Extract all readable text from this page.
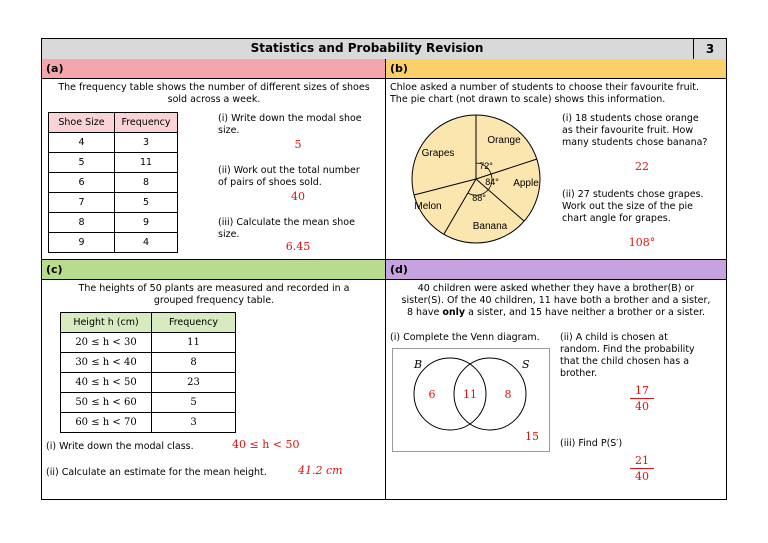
Statistics and Probability Revision	3
(a)
The frequency table shows the number of different sizes of shoes
sold across a week.
Shoe Size	Frequency
4	3
5	11
6	8
7	5
8	9
9	4
(i) Write down the modal shoe
size.
5
(ii) Work out the total number
of pairs of shoes sold.
40
(iii) Calculate the mean shoe
size.
6.45
(b)
Chloe asked a number of students to choose their favourite fruit.
The pie chart (not drawn to scale) shows this information.
Grapes
Orange
Apple
Melon
Banana
72°
84°
88°
(i) 18 students chose orange
as their favourite fruit. How
many students chose banana?
22
(ii) 27 students chose grapes.
Work out the size of the pie
chart angle for grapes.
108°
(c)
The heights of 50 plants are measured and recorded in a
grouped frequency table.
Height h (cm)	Frequency
20 ≤ h < 30	11
30 ≤ h < 40	8
40 ≤ h < 50	23
50 ≤ h < 60	5
60 ≤ h < 70	3
(i) Write down the modal class.	40 ≤ h < 50
(ii) Calculate an estimate for the mean height.	41.2 cm
(d)
40 children were asked whether they have a brother(B) or
sister(S). Of the 40 children, 11 have both a brother and a sister,
8 have only a sister, and 15 have neither a brother or a sister.
(i) Complete the Venn diagram.
B	S
6	11	8
15
(ii) A child is chosen at
random. Find the probability
that the child chosen has a
brother.
17
40
(iii) Find P(S′)
21
40
